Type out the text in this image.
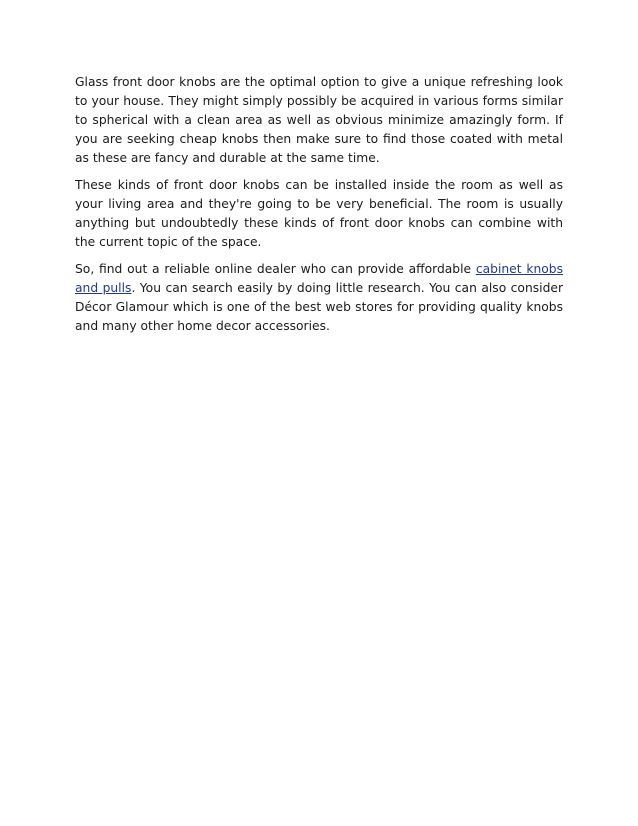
Glass front door knobs are the optimal option to give a unique refreshing look to your house. They might simply possibly be acquired in various forms similar to spherical with a clean area as well as obvious minimize amazingly form. If you are seeking cheap knobs then make sure to find those coated with metal as these are fancy and durable at the same time.

These kinds of front door knobs can be installed inside the room as well as your living area and they're going to be very beneficial. The room is usually anything but undoubtedly these kinds of front door knobs can combine with the current topic of the space.

So, find out a reliable online dealer who can provide affordable cabinet knobs and pulls. You can search easily by doing little research. You can also consider Décor Glamour which is one of the best web stores for providing quality knobs and many other home decor accessories.
